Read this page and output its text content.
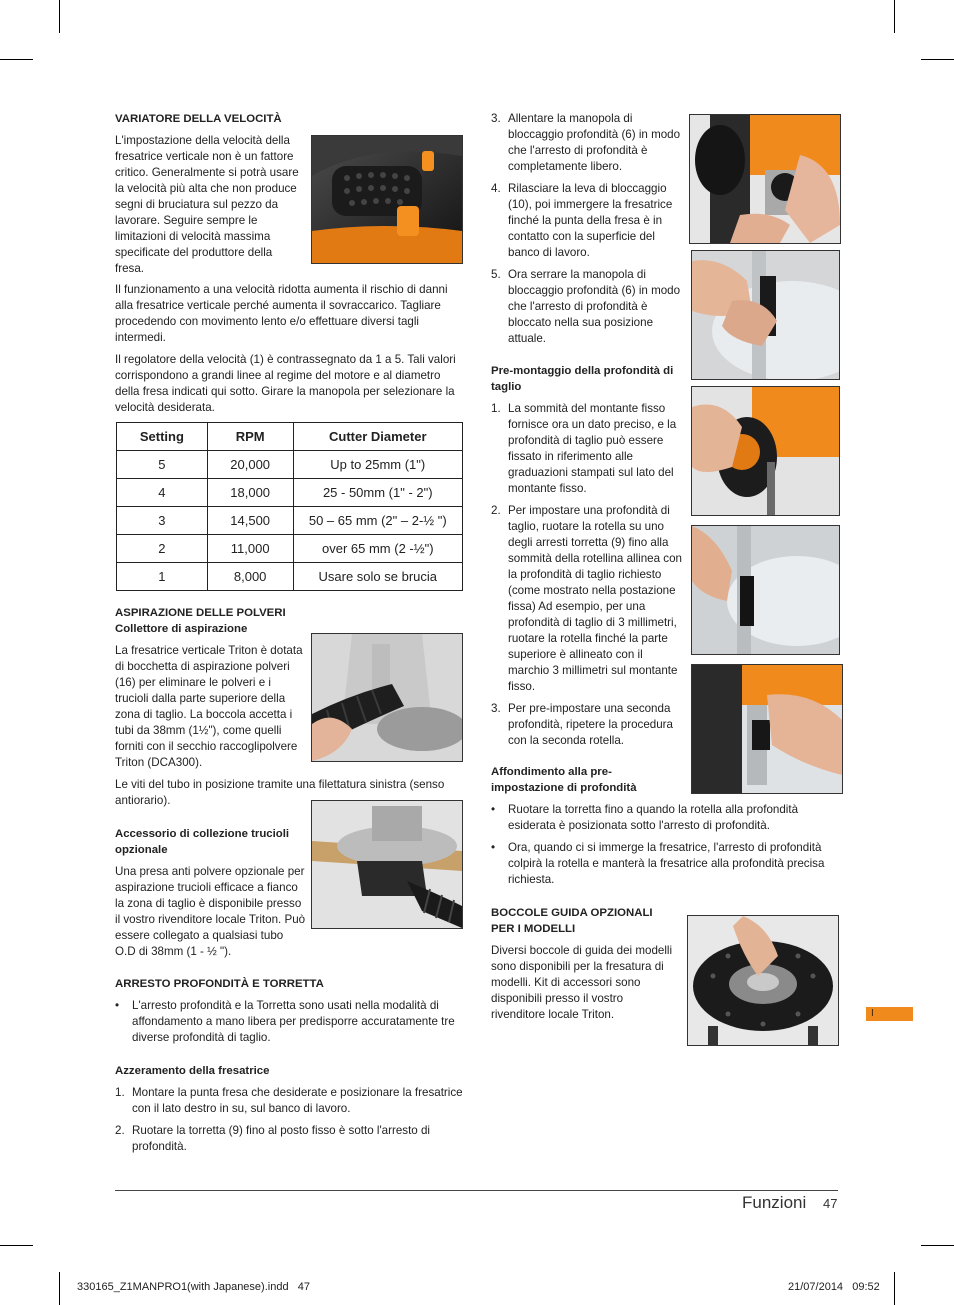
VARIATORE DELLA VELOCITÀ

L'impostazione della velocità della fresatrice verticale non è un fattore critico. Generalmente si potrà usare la velocità più alta che non produce segni di bruciatura sul pezzo da lavorare. Seguire sempre le limitazioni di velocità massima specificate del produttore della fresa.

Il funzionamento a una velocità ridotta aumenta il rischio di danni alla fresatrice verticale perché aumenta il sovraccarico. Tagliare procedendo con movimento lento e/o effettuare diversi tagli intermedi.

Il regolatore della velocità (1) è contrassegnato da 1 a 5. Tali valori corrispondono a grandi linee al regime del motore e al diametro della fresa indicati qui sotto. Girare la manopola per selezionare la velocità desiderata.

Setting	RPM	Cutter Diameter
5	20,000	Up to 25mm (1")
4	18,000	25 - 50mm (1" - 2")
3	14,500	50 – 65 mm (2" – 2-½ ")
2	11,000	over 65 mm (2 -½")
1	8,000	Usare solo se brucia
ASPIRAZIONE DELLE POLVERI
Collettore di aspirazione

La fresatrice verticale Triton è dotata di bocchetta di aspirazione polveri (16) per eliminare le polveri e i trucioli dalla parte superiore della zona di taglio. La boccola accetta i tubi da 38mm (1½"), come quelli forniti con il secchio raccoglipolvere Triton (DCA300).

Le viti del tubo in posizione tramite una filettatura sinistra (senso antiorario).

Accessorio di collezione trucioli opzionale

Una presa anti polvere opzionale per aspirazione trucioli efficace a fianco la zona di taglio è disponibile presso il vostro rivenditore locale Triton. Può essere collegato a qualsiasi tubo O.D di 38mm (1 - ½ ").

ARRESTO PROFONDITÀ E TORRETTA
• L'arresto profondità e la Torretta sono usati nella modalità di affondamento a mano libera per predisporre accuratamente tre diverse profondità di taglio.
Azzeramento della fresatrice
1. Montare la punta fresa che desiderate e posizionare la fresatrice con il lato destro in su, sul banco di lavoro.
2. Ruotare la torretta (9) fino al posto fisso è sotto l'arresto di profondità.
3. Allentare la manopola di bloccaggio profondità (6) in modo che l'arresto di profondità è completamente libero.
4. Rilasciare la leva di bloccaggio (10), poi immergere la fresatrice finché la punta della fresa è in contatto con la superficie del banco di lavoro.
5. Ora serrare la manopola di bloccaggio profondità (6) in modo che l'arresto di profondità è bloccato nella sua posizione attuale.
Pre-montaggio della profondità di taglio
1. La sommità del montante fisso fornisce ora un dato preciso, e la profondità di taglio può essere fissato in riferimento alle graduazioni stampati sul lato del montante fisso.
2. Per impostare una profondità di taglio, ruotare la rotella su uno degli arresti torretta (9) fino alla sommità della rotellina allinea con la profondità di taglio richiesto (come mostrato nella postazione fissa) Ad esempio, per una profondità di taglio di 3 millimetri, ruotare la rotella finché la parte superiore è allineato con il marchio 3 millimetri sul montante fisso.
3. Per pre-impostare una seconda profondità, ripetere la procedura con la seconda rotella.
Affondimento alla pre-impostazione di profondità
• Ruotare la torretta fino a quando la rotella alla profondità esiderata è posizionata sotto l'arresto di profondità.
• Ora, quando ci si immerge la fresatrice, l'arresto di profondità colpirà la rotella e manterà la fresatrice alla profondità precisa richiesta.
BOCCOLE GUIDA OPZIONALI PER I MODELLI

Diversi boccole di guida dei modelli sono disponibili per la fresatura di modelli. Kit di accessori sono disponibili presso il vostro rivenditore locale Triton.	I
Funzioni 47
330165_Z1MANPRO1(with Japanese).indd   47	21/07/2014   09:52
